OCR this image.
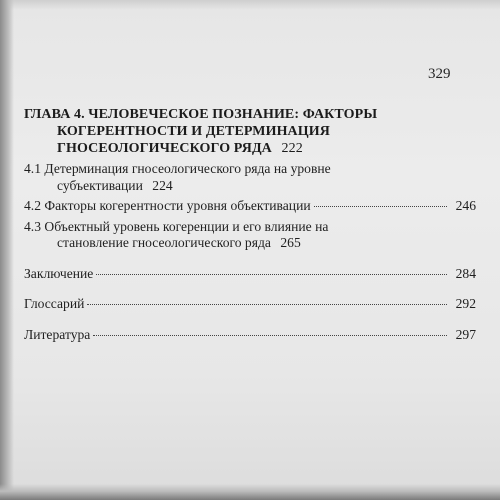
329
ГЛАВА 4. ЧЕЛОВЕЧЕСКОЕ ПОЗНАНИЕ: ФАКТОРЫ
КОГЕРЕНТНОСТИ И ДЕТЕРМИНАЦИЯ
ГНОСЕОЛОГИЧЕСКОГО РЯДА 222
4.1 Детерминация гносеологического ряда на уровне
субъективации 224
4.2 Факторы когерентности уровня объективации	246
4.3 Объектный уровень когеренции и его влияние на
становление гносеологического ряда 265
Заключение	284
Глоссарий	292
Литература	297
